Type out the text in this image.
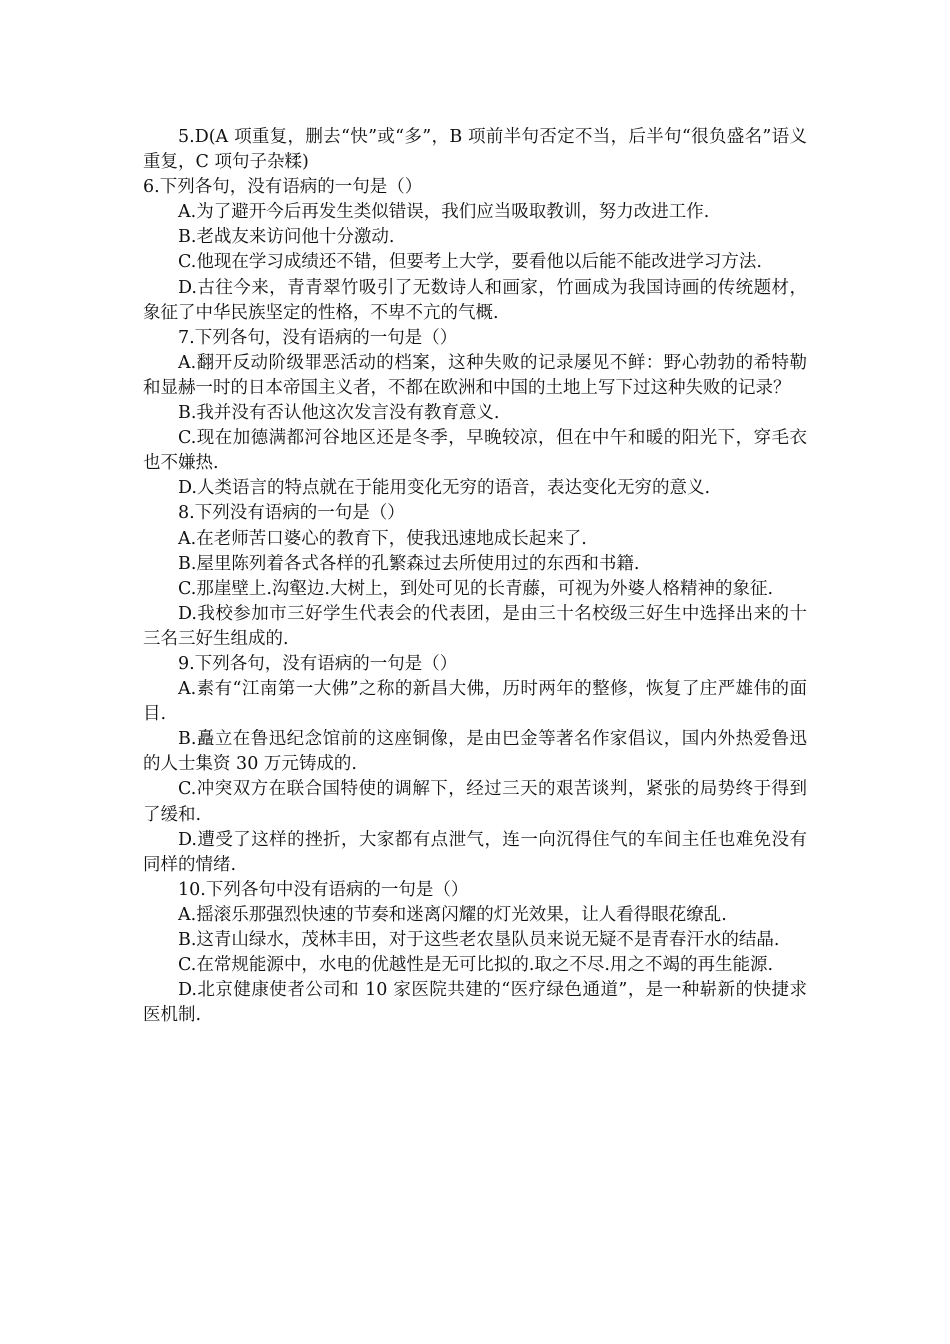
5.D(A 项重复，删去“快”或“多”，B 项前半句否定不当，后半句“很负盛名”语义重复，C 项句子杂糅)

6.下列各句，没有语病的一句是（）

A.为了避开今后再发生类似错误，我们应当吸取教训，努力改进工作.

B.老战友来访问他十分激动.

C.他现在学习成绩还不错，但要考上大学，要看他以后能不能改进学习方法.

D.古往今来，青青翠竹吸引了无数诗人和画家，竹画成为我国诗画的传统题材，象征了中华民族坚定的性格，不卑不亢的气概.

7.下列各句，没有语病的一句是（）

A.翻开反动阶级罪恶活动的档案，这种失败的记录屡见不鲜：野心勃勃的希特勒和显赫一时的日本帝国主义者，不都在欧洲和中国的土地上写下过这种失败的记录？

B.我并没有否认他这次发言没有教育意义.

C.现在加德满都河谷地区还是冬季，早晚较凉，但在中午和暖的阳光下，穿毛衣也不嫌热.

D.人类语言的特点就在于能用变化无穷的语音，表达变化无穷的意义.

8.下列没有语病的一句是（）

A.在老师苦口婆心的教育下，使我迅速地成长起来了.

B.屋里陈列着各式各样的孔繁森过去所使用过的东西和书籍.

C.那崖壁上.沟壑边.大树上，到处可见的长青藤，可视为外婆人格精神的象征.

D.我校参加市三好学生代表会的代表团，是由三十名校级三好生中选择出来的十三名三好生组成的.

9.下列各句，没有语病的一句是（）

A.素有“江南第一大佛”之称的新昌大佛，历时两年的整修，恢复了庄严雄伟的面目.

B.矗立在鲁迅纪念馆前的这座铜像，是由巴金等著名作家倡议，国内外热爱鲁迅的人士集资 30 万元铸成的.

C.冲突双方在联合国特使的调解下，经过三天的艰苦谈判，紧张的局势终于得到了缓和.

D.遭受了这样的挫折，大家都有点泄气，连一向沉得住气的车间主任也难免没有同样的情绪.

10.下列各句中没有语病的一句是（）

A.摇滚乐那强烈快速的节奏和迷离闪耀的灯光效果，让人看得眼花缭乱.

B.这青山绿水，茂林丰田，对于这些老农垦队员来说无疑不是青春汗水的结晶.

C.在常规能源中，水电的优越性是无可比拟的.取之不尽.用之不竭的再生能源.

D.北京健康使者公司和 10 家医院共建的“医疗绿色通道”，是一种崭新的快捷求医机制.
